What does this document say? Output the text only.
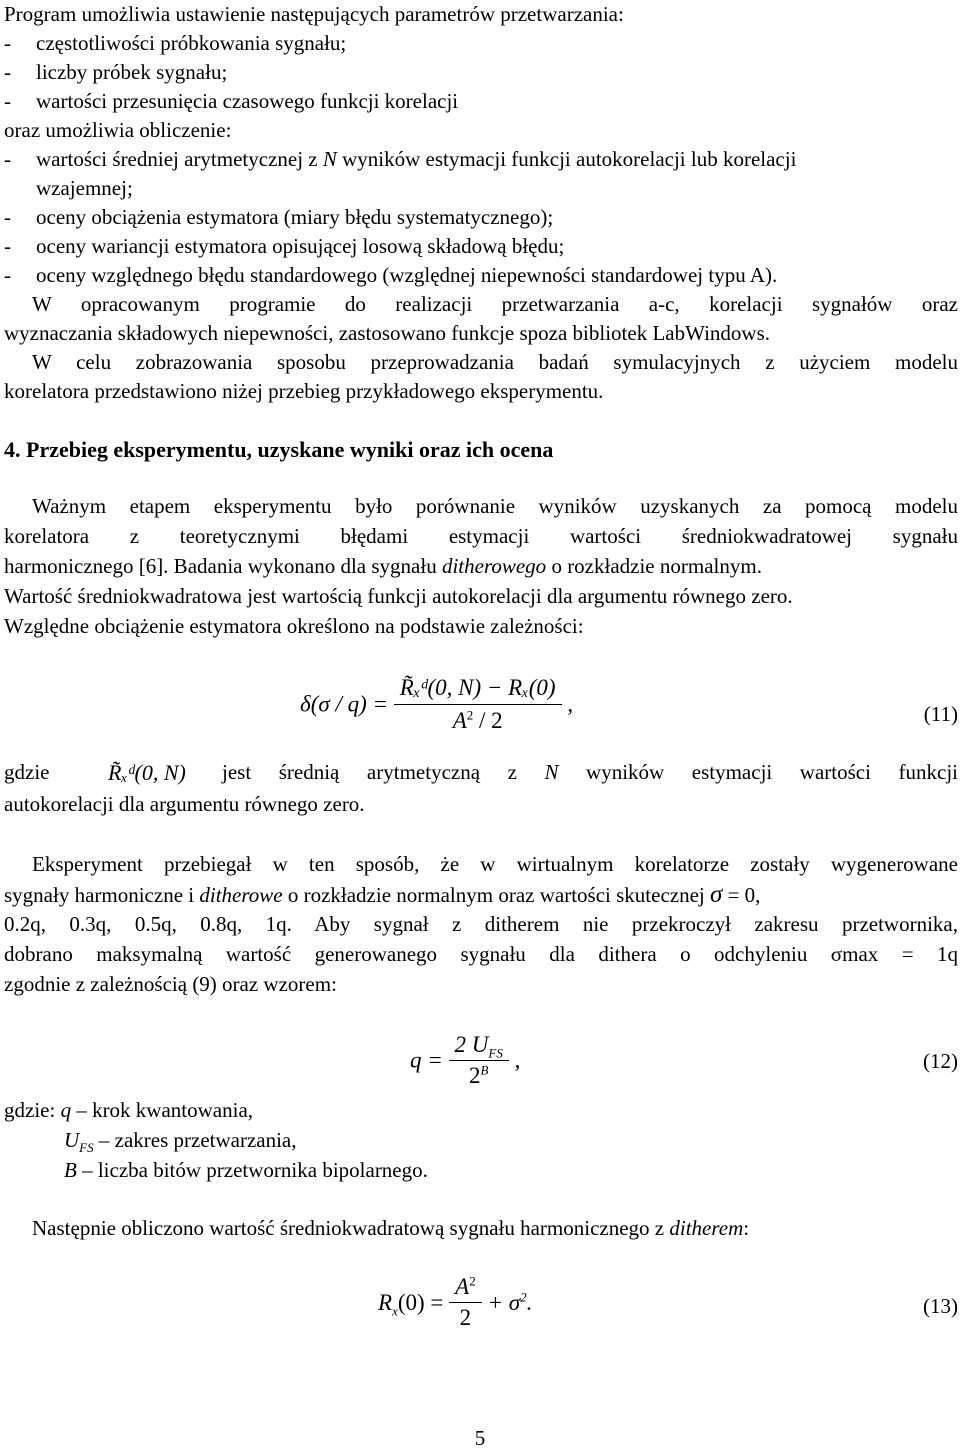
Program umożliwia ustawienie następujących parametrów przetwarzania:
- częstotliwości próbkowania sygnału;
- liczby próbek sygnału;
- wartości przesunięcia czasowego funkcji korelacji
oraz umożliwia obliczenie:
- wartości średniej arytmetycznej z N wyników estymacji funkcji autokorelacji lub korelacji
wzajemnej;
- oceny obciążenia estymatora (miary błędu systematycznego);
- oceny wariancji estymatora opisującej losową składową błędu;
- oceny względnego błędu standardowego (względnej niepewności standardowej typu A).
W opracowanym programie do realizacji przetwarzania a-c, korelacji sygnałów oraz
wyznaczania składowych niepewności, zastosowano funkcje spoza bibliotek LabWindows.
W celu zobrazowania sposobu przeprowadzania badań symulacyjnych z użyciem modelu
korelatora przedstawiono niżej przebieg przykładowego eksperymentu.
4. Przebieg eksperymentu, uzyskane wyniki oraz ich ocena
Ważnym etapem eksperymentu było porównanie wyników uzyskanych za pomocą modelu
korelatora z teoretycznymi błędami estymacji wartości średniokwadratowej sygnału
harmonicznego [6]. Badania wykonano dla sygnału ditherowego o rozkładzie normalnym.
Wartość średniokwadratowa jest wartością funkcji autokorelacji dla argumentu równego zero.
Względne obciążenie estymatora określono na podstawie zależności:
$\delta(\sigma / q) = \frac{\text{R̃ₓᵈ(0, N) − Rₓ(0)}}{A^2 / 2}$ ,	(11)
gdzie	R̃ₓᵈ(0, N) jest średnią arytmetyczną z N wyników estymacji wartości funkcji
autokorelacji dla argumentu równego zero.
Eksperyment przebiegał w ten sposób, że w wirtualnym korelatorze zostały wygenerowane
sygnały harmoniczne i ditherowe o rozkładzie normalnym oraz wartości skutecznej σ = 0,
0.2q, 0.3q, 0.5q, 0.8q, 1q. Aby sygnał z ditherem nie przekroczył zakresu przetwornika,
dobrano maksymalną wartość generowanego sygnału dla dithera o odchyleniu σmax = 1q
zgodnie z zależnością (9) oraz wzorem:
$q = \frac{2 U_{FS}}{2^B}$ ,	(12)
gdzie: q – krok kwantowania,
$U_{FS}$ – zakres przetwarzania,
B – liczba bitów przetwornika bipolarnego.
Następnie obliczono wartość średniokwadratową sygnału harmonicznego z ditherem:
$R_x(0) = \frac{A^2}{2} + \sigma^2$.	(13)
5
